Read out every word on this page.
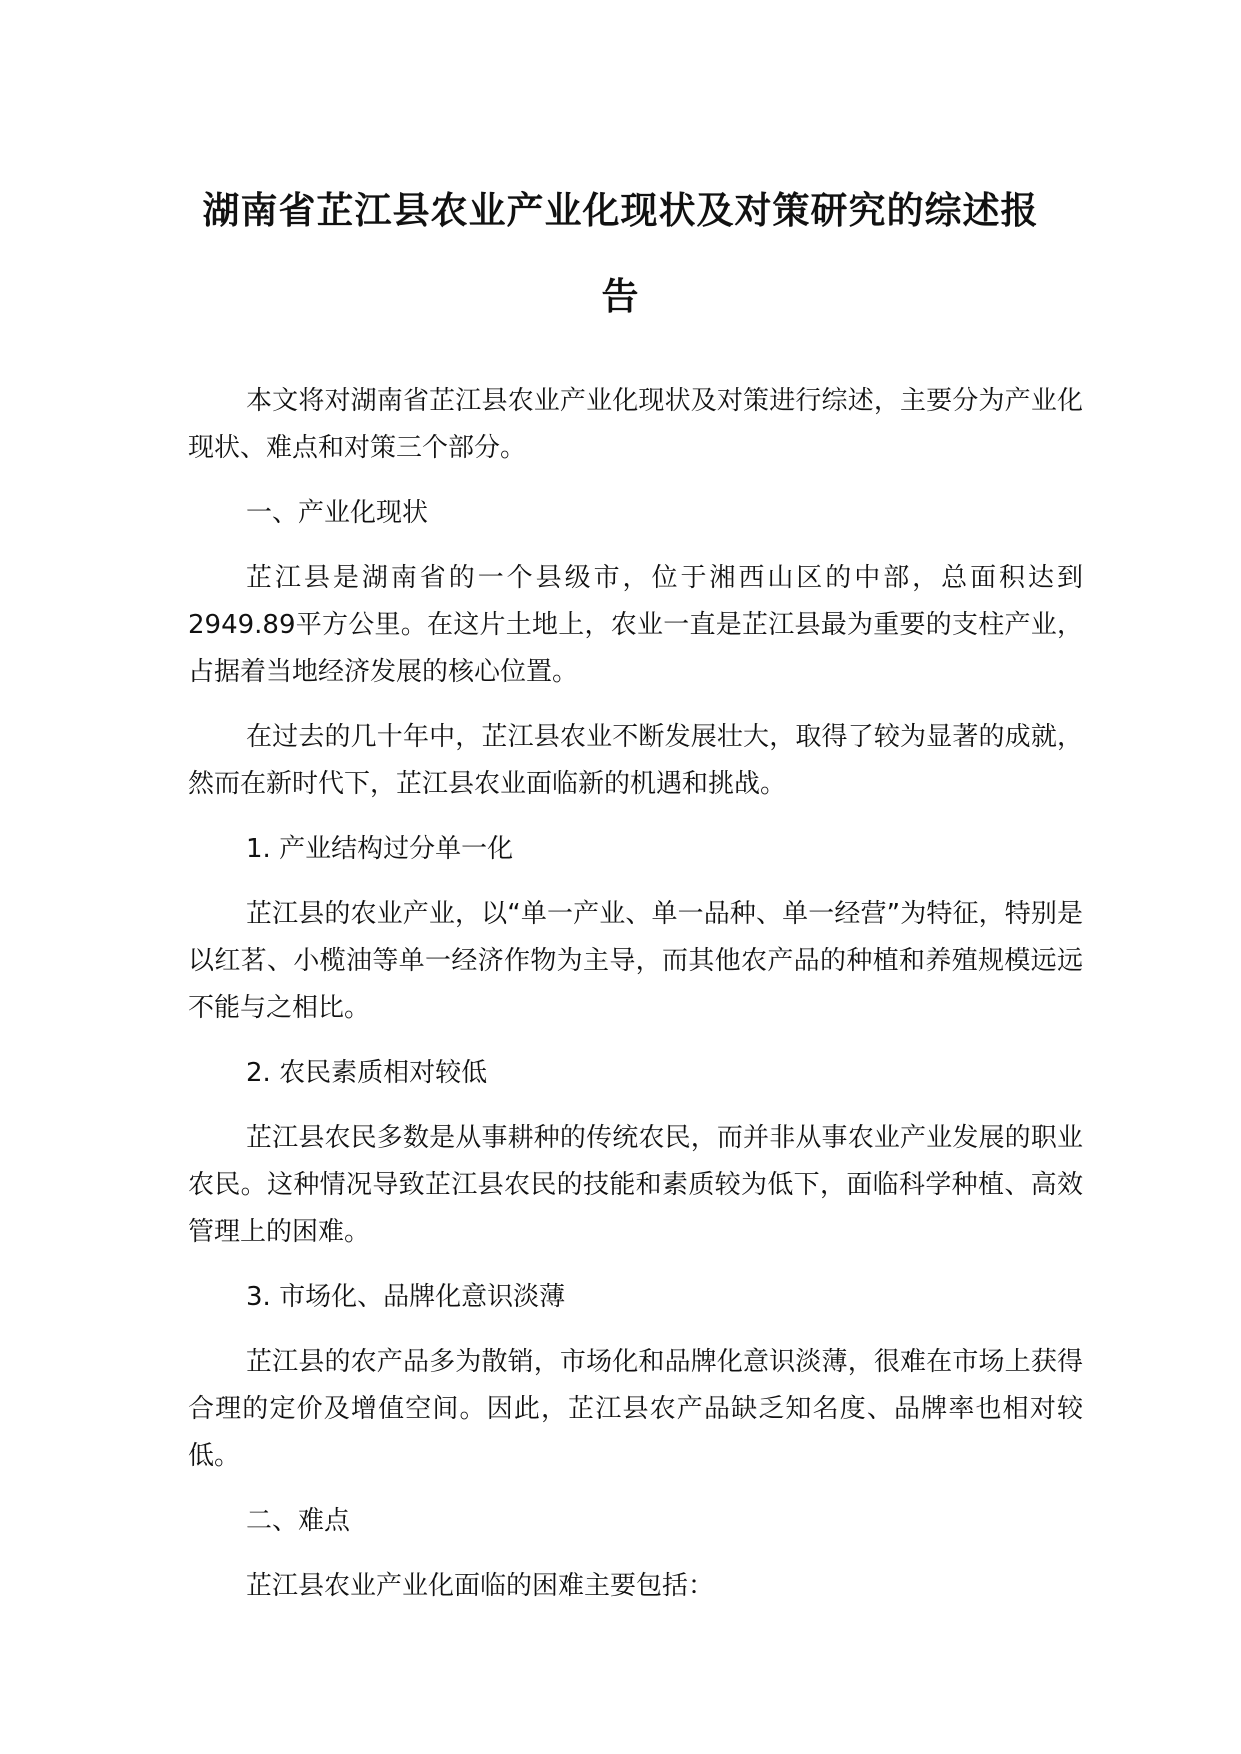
湖南省芷江县农业产业化现状及对策研究的综述报告

本文将对湖南省芷江县农业产业化现状及对策进行综述，主要分为产业化现状、难点和对策三个部分。

一、产业化现状

芷江县是湖南省的一个县级市，位于湘西山区的中部，总面积达到2949.89平方公里。在这片土地上，农业一直是芷江县最为重要的支柱产业，占据着当地经济发展的核心位置。

在过去的几十年中，芷江县农业不断发展壮大，取得了较为显著的成就，然而在新时代下，芷江县农业面临新的机遇和挑战。

1. 产业结构过分单一化

芷江县的农业产业，以“单一产业、单一品种、单一经营”为特征，特别是以红茗、小榄油等单一经济作物为主导，而其他农产品的种植和养殖规模远远不能与之相比。

2. 农民素质相对较低

芷江县农民多数是从事耕种的传统农民，而并非从事农业产业发展的职业农民。这种情况导致芷江县农民的技能和素质较为低下，面临科学种植、高效管理上的困难。

3. 市场化、品牌化意识淡薄

芷江县的农产品多为散销，市场化和品牌化意识淡薄，很难在市场上获得合理的定价及增值空间。因此，芷江县农产品缺乏知名度、品牌率也相对较低。

二、难点

芷江县农业产业化面临的困难主要包括：
